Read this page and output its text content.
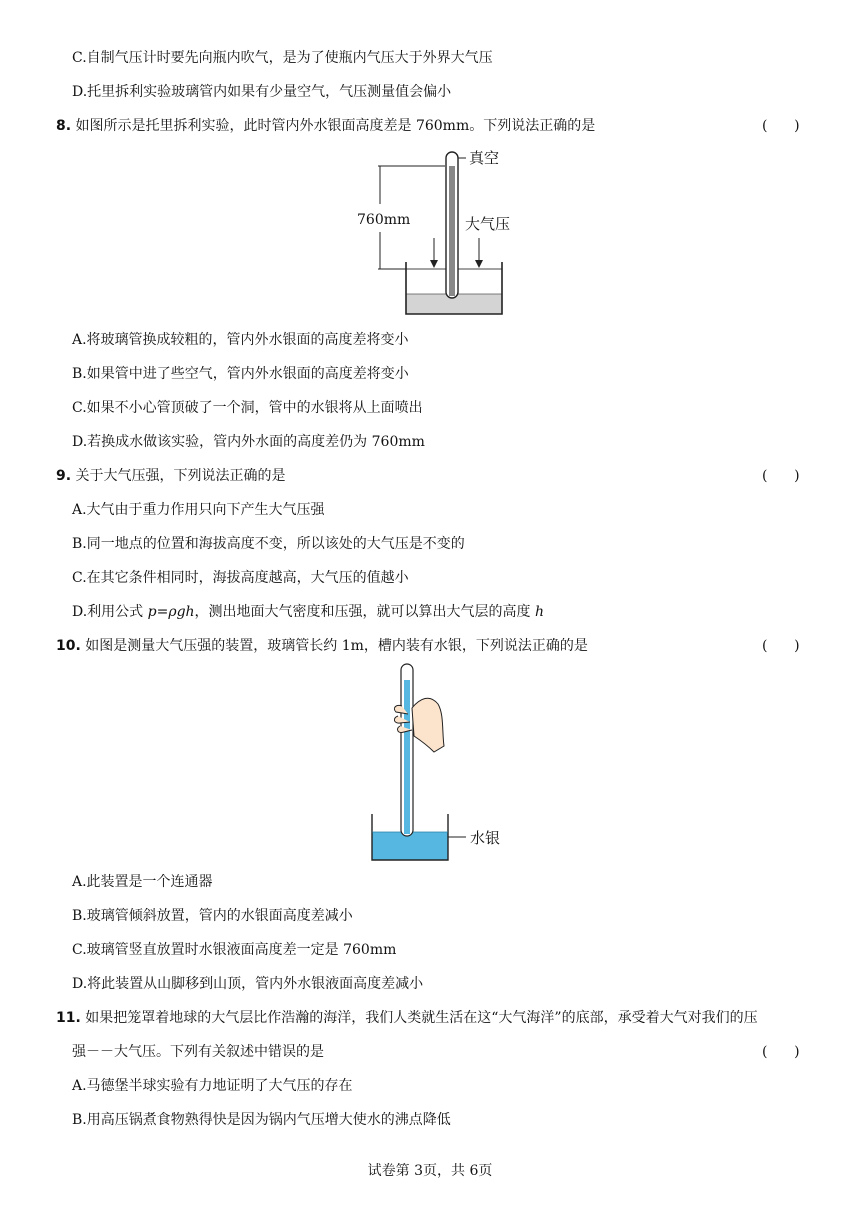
C.自制气压计时要先向瓶内吹气，是为了使瓶内气压大于外界大气压
D.托里拆利实验玻璃管内如果有少量空气，气压测量值会偏小
8. 如图所示是托里拆利实验，此时管内外水银面高度差是 760mm。下列说法正确的是	(      )
真空
760mm	大气压
A.将玻璃管换成较粗的，管内外水银面的高度差将变小
B.如果管中进了些空气，管内外水银面的高度差将变小
C.如果不小心管顶破了一个洞，管中的水银将从上面喷出
D.若换成水做该实验，管内外水面的高度差仍为 760mm
9. 关于大气压强，下列说法正确的是	(      )
A.大气由于重力作用只向下产生大气压强
B.同一地点的位置和海拔高度不变，所以该处的大气压是不变的
C.在其它条件相同时，海拔高度越高，大气压的值越小
D.利用公式 p=ρgh，测出地面大气密度和压强，就可以算出大气层的高度 h
10. 如图是测量大气压强的装置，玻璃管长约 1m，槽内装有水银，下列说法正确的是	(      )
水银
A.此装置是一个连通器
B.玻璃管倾斜放置，管内的水银面高度差减小
C.玻璃管竖直放置时水银液面高度差一定是 760mm
D.将此装置从山脚移到山顶，管内外水银液面高度差减小
11. 如果把笼罩着地球的大气层比作浩瀚的海洋，我们人类就生活在这“大气海洋”的底部，承受着大气对我们的压
强－－大气压。下列有关叙述中错误的是	(      )
A.马德堡半球实验有力地证明了大气压的存在
B.用高压锅煮食物熟得快是因为锅内气压增大使水的沸点降低
试卷第 3页，共 6页
